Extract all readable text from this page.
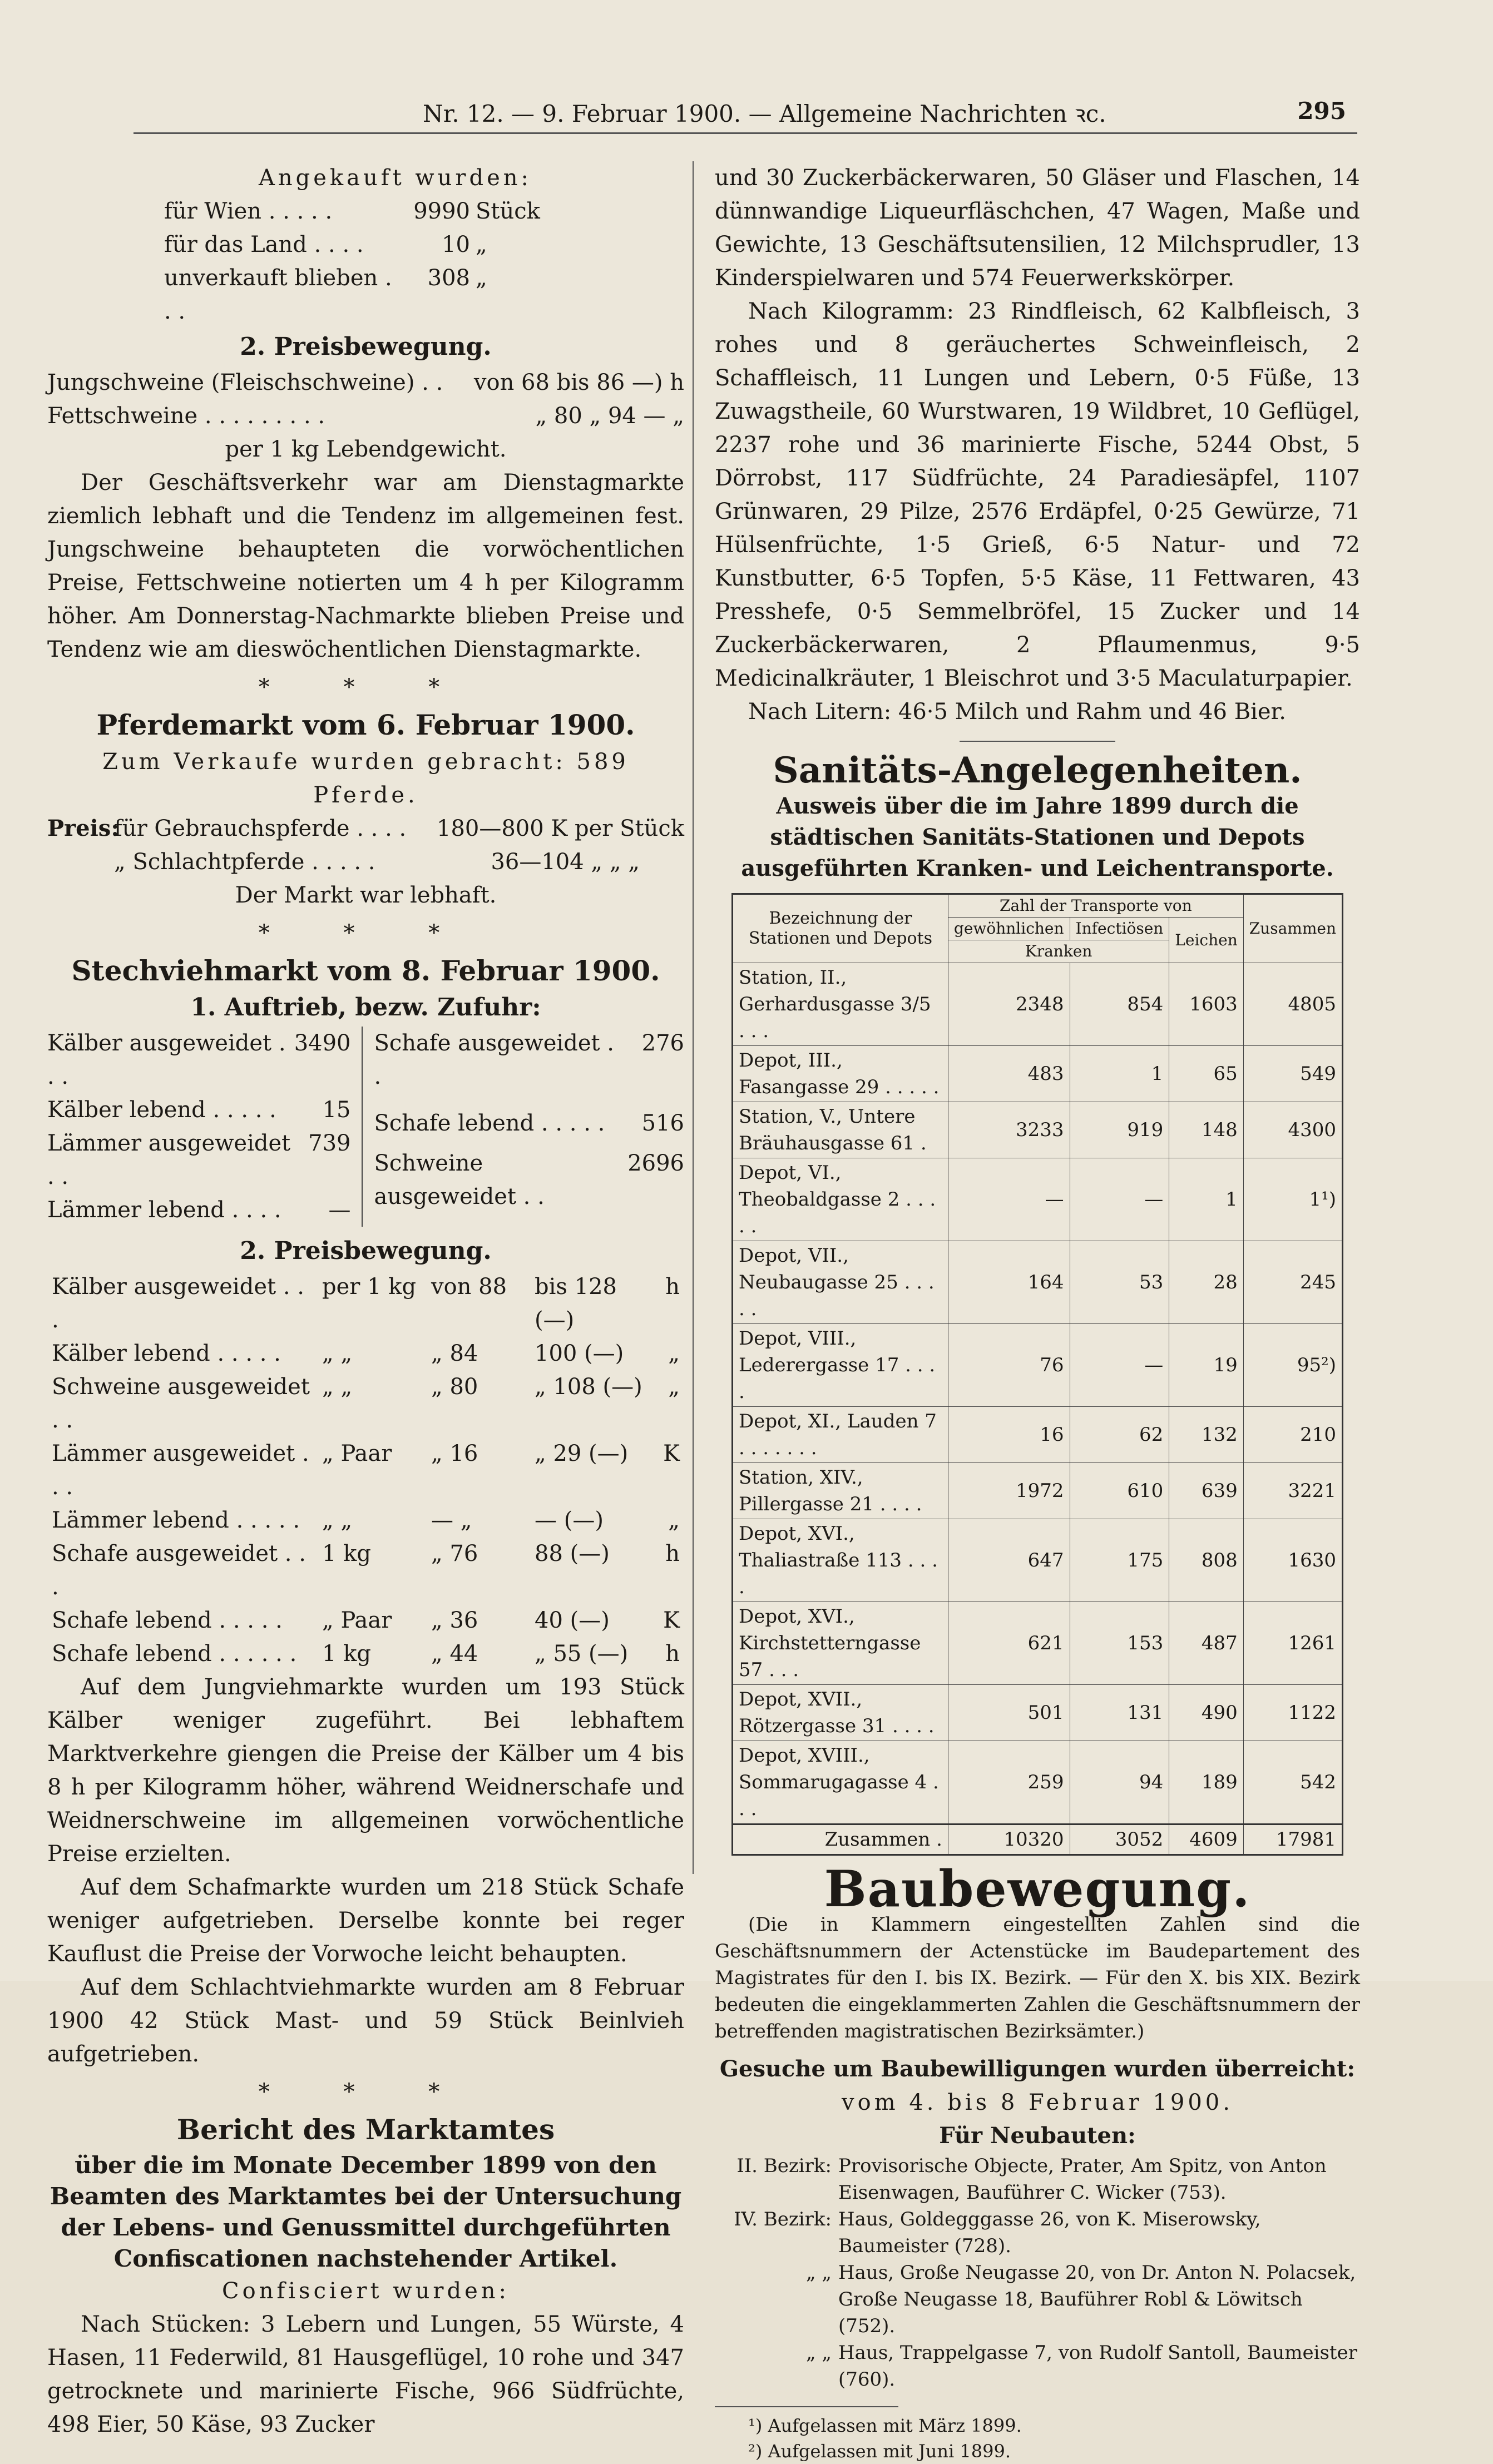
Nr. 12. — 9. Februar 1900. — Allgemeine Nachrichten ꝛc.	295

Angekauft wurden:

für Wien . . . . .	9990	Stück
für das Land . . . .	10	„
unverkauft blieben . . .	308	„

2. Preisbewegung.

Jungschweine (Fleischschweine) . .	von 68 bis 86 —) h
Fettschweine . . . . . . . . .	„ 80 „ 94 — „

per 1 kg Lebendgewicht.

Der Geschäftsverkehr war am Dienstagmarkte ziemlich lebhaft und die Tendenz im allgemeinen fest. Jungschweine behaupteten die vorwöchentlichen Preise, Fettschweine notierten um 4 h per Kilogramm höher. Am Donnerstag-Nachmarkte blieben Preise und Tendenz wie am dieswöchentlichen Dienstagmarkte.

* * *

Pferdemarkt vom 6. Februar 1900.

Zum Verkaufe wurden gebracht: 589 Pferde.

Preis:
für Gebrauchspferde . . . .	180—800 K per Stück
„ Schlachtpferde . . . . .	36—104 „ „ „

Der Markt war lebhaft.

* * *

Stechviehmarkt vom 8. Februar 1900.

1. Auftrieb, bezw. Zufuhr:

Kälber ausgeweidet . . .	3490
Kälber lebend . . . . .	15
Lämmer ausgeweidet . .	739
Lämmer lebend . . . .	—
Schafe ausgeweidet . .	276
Schafe lebend . . . . .	516
Schweine ausgeweidet . .	2696

2. Preisbewegung.

Kälber ausgeweidet . . .	per 1 kg	von 88	bis 128 (—)	h
Kälber lebend . . . . .	„ „	„ 84	100 (—)	„
Schweine ausgeweidet . .	„ „	„ 80	„ 108 (—)	„
Lämmer ausgeweidet . . .	„ Paar	„ 16	„ 29 (—)	K
Lämmer lebend . . . . .	„ „	— „	— (—)	„
Schafe ausgeweidet . . .	1 kg	„ 76	88 (—)	h
Schafe lebend . . . . .	„ Paar	„ 36	40 (—)	K
Schafe lebend . . . . . .	1 kg	„ 44	„ 55 (—)	h

Auf dem Jungviehmarkte wurden um 193 Stück Kälber weniger zugeführt. Bei lebhaftem Marktverkehre giengen die Preise der Kälber um 4 bis 8 h per Kilogramm höher, während Weidnerschafe und Weidnerschweine im allgemeinen vorwöchentliche Preise erzielten.

Auf dem Schafmarkte wurden um 218 Stück Schafe weniger aufgetrieben. Derselbe konnte bei reger Kauflust die Preise der Vorwoche leicht behaupten.

Auf dem Schlachtviehmarkte wurden am 8 Februar 1900 42 Stück Mast- und 59 Stück Beinlvieh aufgetrieben.

* * *

Bericht des Marktamtes

über die im Monate December 1899 von den Beamten des Marktamtes bei der Untersuchung der Lebens- und Genussmittel durchgeführten Confiscationen nachstehender Artikel.

Confisciert wurden:

Nach Stücken: 3 Lebern und Lungen, 55 Würste, 4 Hasen, 11 Federwild, 81 Hausgeflügel, 10 rohe und 347 getrocknete und marinierte Fische, 966 Südfrüchte, 498 Eier, 50 Käse, 93 Zucker

und 30 Zuckerbäckerwaren, 50 Gläser und Flaschen, 14 dünnwandige Liqueurfläschchen, 47 Wagen, Maße und Gewichte, 13 Geschäftsutensilien, 12 Milchsprudler, 13 Kinderspielwaren und 574 Feuerwerkskörper.

Nach Kilogramm: 23 Rindfleisch, 62 Kalbfleisch, 3 rohes und 8 geräuchertes Schweinfleisch, 2 Schaffleisch, 11 Lungen und Lebern, 0·5 Füße, 13 Zuwagstheile, 60 Wurstwaren, 19 Wildbret, 10 Geflügel, 2237 rohe und 36 marinierte Fische, 5244 Obst, 5 Dörrobst, 117 Südfrüchte, 24 Paradiesäpfel, 1107 Grünwaren, 29 Pilze, 2576 Erdäpfel, 0·25 Gewürze, 71 Hülsenfrüchte, 1·5 Grieß, 6·5 Natur- und 72 Kunstbutter, 6·5 Topfen, 5·5 Käse, 11 Fettwaren, 43 Presshefe, 0·5 Semmelbröfel, 15 Zucker und 14 Zuckerbäckerwaren, 2 Pflaumenmus, 9·5 Medicinalkräuter, 1 Bleischrot und 3·5 Maculaturpapier.

Nach Litern: 46·5 Milch und Rahm und 46 Bier.

Sanitäts-Angelegenheiten.

Ausweis über die im Jahre 1899 durch die städtischen Sanitäts-Stationen und Depots ausgeführten Kranken- und Leichentransporte.

Bezeichnung der Stationen und Depots	Zahl der Transporte von			Zusammen
	gewöhnlichen	Infectiösen	Leichen	
	Kranken			
Station, II., Gerhardusgasse 3/5 . . .	2348	854	1603	4805
Depot, III., Fasangasse 29 . . . . .	483	1	65	549
Station, V., Untere Bräuhausgasse 61 .	3233	919	148	4300
Depot, VI., Theobaldgasse 2 . . . . .	—	—	1	1¹)
Depot, VII., Neubaugasse 25 . . . . .	164	53	28	245
Depot, VIII., Lederergasse 17 . . . .	76	—	19	95²)
Depot, XI., Lauden 7 . . . . . . .	16	62	132	210
Station, XIV., Pillergasse 21 . . . .	1972	610	639	3221
Depot, XVI., Thaliastraße 113 . . . .	647	175	808	1630
Depot, XVI., Kirchstetterngasse 57 . . .	621	153	487	1261
Depot, XVII., Rötzergasse 31 . . . .	501	131	490	1122
Depot, XVIII., Sommarugagasse 4 . . .	259	94	189	542
Zusammen .	10320	3052	4609	17981

Baubewegung.

(Die in Klammern eingestellten Zahlen sind die Geschäftsnummern der Actenstücke im Baudepartement des Magistrates für den I. bis IX. Bezirk. — Für den X. bis XIX. Bezirk bedeuten die eingeklammerten Zahlen die Geschäftsnummern der betreffenden magistratischen Bezirksämter.)

Gesuche um Baubewilligungen wurden überreicht:

vom 4. bis 8 Februar 1900.

Für Neubauten:

II. Bezirk:	Provisorische Objecte, Prater, Am Spitz, von Anton Eisenwagen, Bauführer C. Wicker (753).
IV. Bezirk:	Haus, Goldegggasse 26, von K. Miserowsky, Baumeister (728).
„ „	Haus, Große Neugasse 20, von Dr. Anton N. Polacsek, Große Neugasse 18, Bauführer Robl & Löwitsch (752).
„ „	Haus, Trappelgasse 7, von Rudolf Santoll, Baumeister (760).

¹) Aufgelassen mit März 1899.

²) Aufgelassen mit Juni 1899.
